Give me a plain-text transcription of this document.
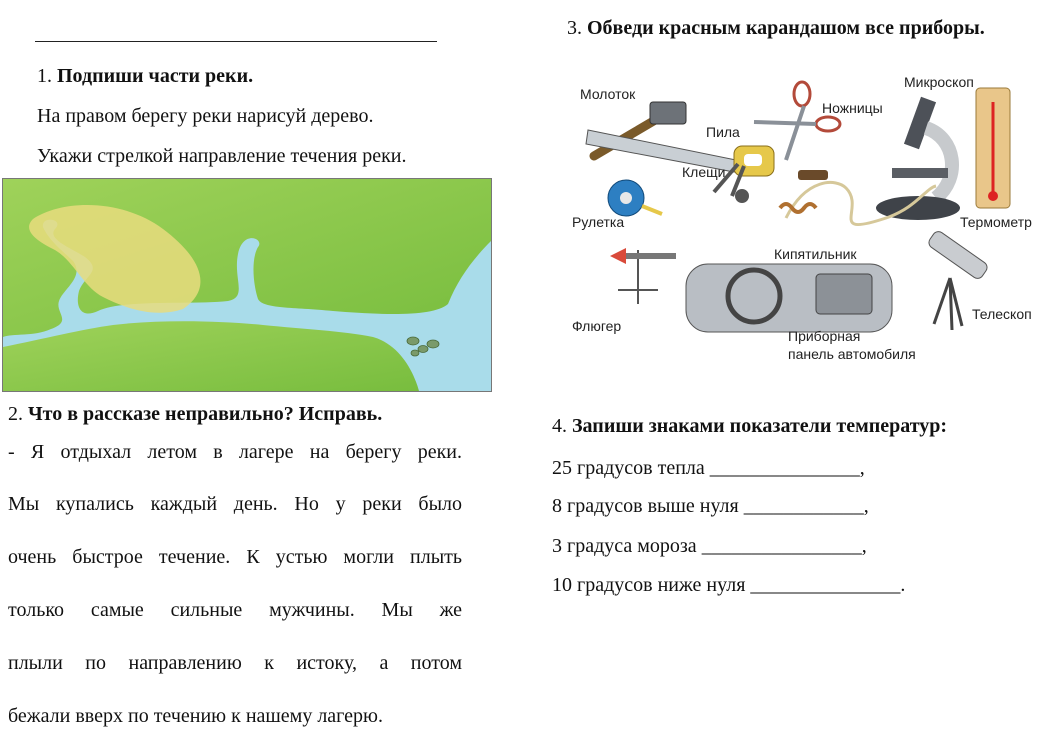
1. Подпиши части реки.
На правом берегу реки нарисуй дерево.
Укажи стрелкой направление течения реки.
2. Что в рассказе неправильно? Исправь.
- Я отдыхал летом в лагере на берегу реки.
Мы купались каждый день. Но у реки было
очень быстрое течение. К устью могли плыть
только самые сильные мужчины. Мы же
плыли по направлению к истоку, а потом
бежали вверх по течению к нашему лагерю.
3. Обведи красным карандашом все приборы.
Молоток
Ножницы
Микроскоп
Пила
Клещи
Рулетка	Термометр
Кипятильник
Флюгер
Телескоп
Приборная
панель автомобиля
4. Запиши знаками показатели температур:
25 градусов тепла _______________,
8 градусов выше нуля ____________,
3 градуса мороза ________________,
10 градусов ниже нуля _______________.
